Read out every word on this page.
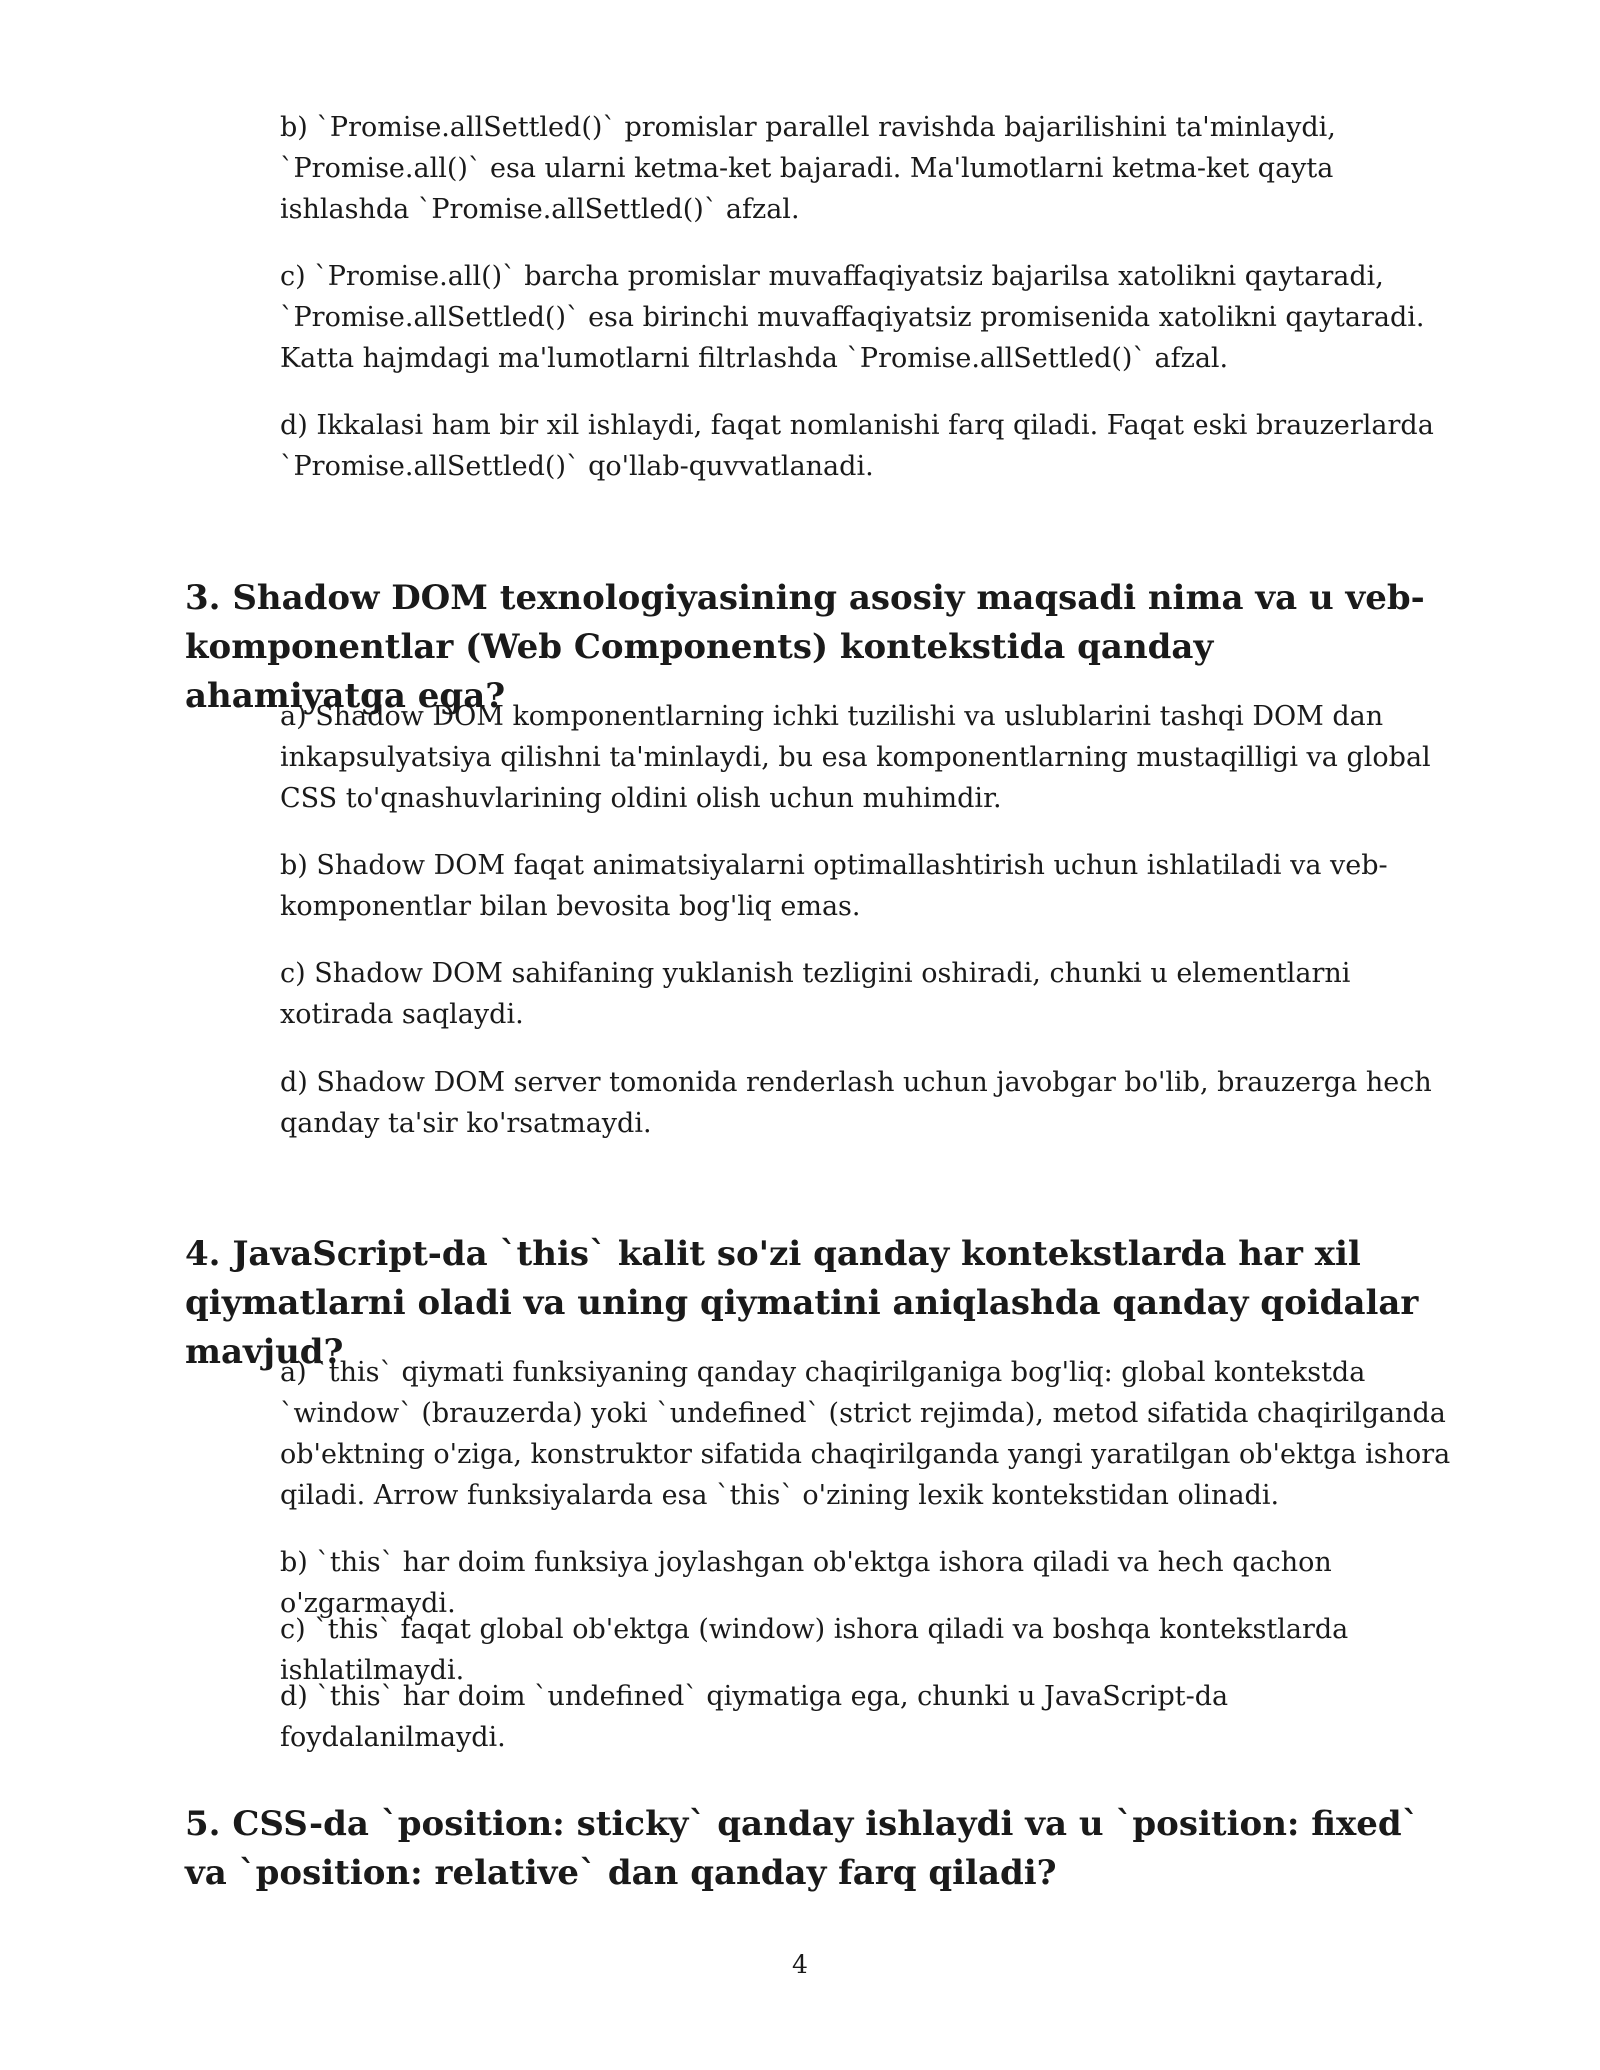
b) `Promise.allSettled()` promislar parallel ravishda bajarilishini ta'minlaydi, `Promise.all()` esa ularni ketma-ket bajaradi. Ma'lumotlarni ketma-ket qayta ishlashda `Promise.allSettled()` afzal.

c) `Promise.all()` barcha promislar muvaffaqiyatsiz bajarilsa xatolikni qaytaradi, `Promise.allSettled()` esa birinchi muvaffaqiyatsiz promisenida xatolikni qaytaradi. Katta hajmdagi ma'lumotlarni filtrlashda `Promise.allSettled()` afzal.

d) Ikkalasi ham bir xil ishlaydi, faqat nomlanishi farq qiladi. Faqat eski brauzerlarda `Promise.allSettled()` qo'llab-quvvatlanadi.

3. Shadow DOM texnologiyasining asosiy maqsadi nima va u veb-komponentlar (Web Components) kontekstida qanday ahamiyatga ega?

a) Shadow DOM komponentlarning ichki tuzilishi va uslublarini tashqi DOM dan inkapsulyatsiya qilishni ta'minlaydi, bu esa komponentlarning mustaqilligi va global CSS to'qnashuvlarining oldini olish uchun muhimdir.

b) Shadow DOM faqat animatsiyalarni optimallashtirish uchun ishlatiladi va veb-komponentlar bilan bevosita bog'liq emas.

c) Shadow DOM sahifaning yuklanish tezligini oshiradi, chunki u elementlarni xotirada saqlaydi.

d) Shadow DOM server tomonida renderlash uchun javobgar bo'lib, brauzerga hech qanday ta'sir ko'rsatmaydi.

4. JavaScript-da `this` kalit so'zi qanday kontekstlarda har xil qiymatlarni oladi va uning qiymatini aniqlashda qanday qoidalar mavjud?

a) `this` qiymati funksiyaning qanday chaqirilganiga bog'liq: global kontekstda `window` (brauzerda) yoki `undefined` (strict rejimda), metod sifatida chaqirilganda ob'ektning o'ziga, konstruktor sifatida chaqirilganda yangi yaratilgan ob'ektga ishora qiladi. Arrow funksiyalarda esa `this` o'zining lexik kontekstidan olinadi.

b) `this` har doim funksiya joylashgan ob'ektga ishora qiladi va hech qachon o'zgarmaydi.

c) `this` faqat global ob'ektga (window) ishora qiladi va boshqa kontekstlarda ishlatilmaydi.

d) `this` har doim `undefined` qiymatiga ega, chunki u JavaScript-da foydalanilmaydi.

5. CSS-da `position: sticky` qanday ishlaydi va u `position: fixed` va `position: relative` dan qanday farq qiladi?
4
